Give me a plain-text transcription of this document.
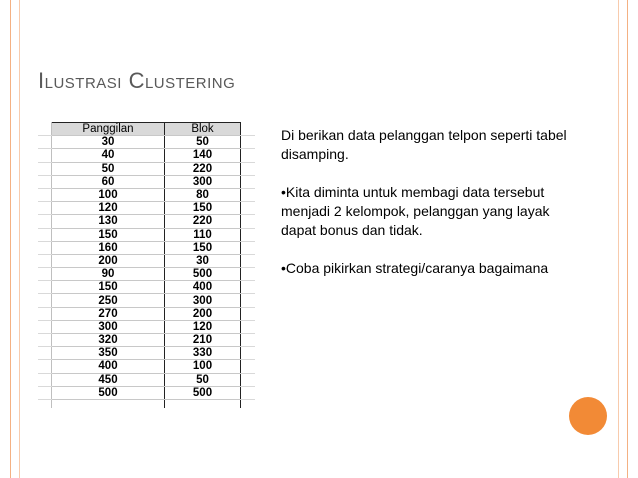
Ilustrasi Clustering
	Panggilan	Blok	
	30	50	
	40	140	
	50	220	
	60	300	
	100	80	
	120	150	
	130	220	
	150	110	
	160	150	
	200	30	
	90	500	
	150	400	
	250	300	
	270	200	
	300	120	
	320	210	
	350	330	
	400	100	
	450	50	
	500	500	

Di berikan data pelanggan telpon seperti tabel disamping.

•Kita diminta untuk membagi data tersebut menjadi 2 kelompok, pelanggan yang layak dapat bonus dan tidak.

•Coba pikirkan strategi/caranya bagaimana
